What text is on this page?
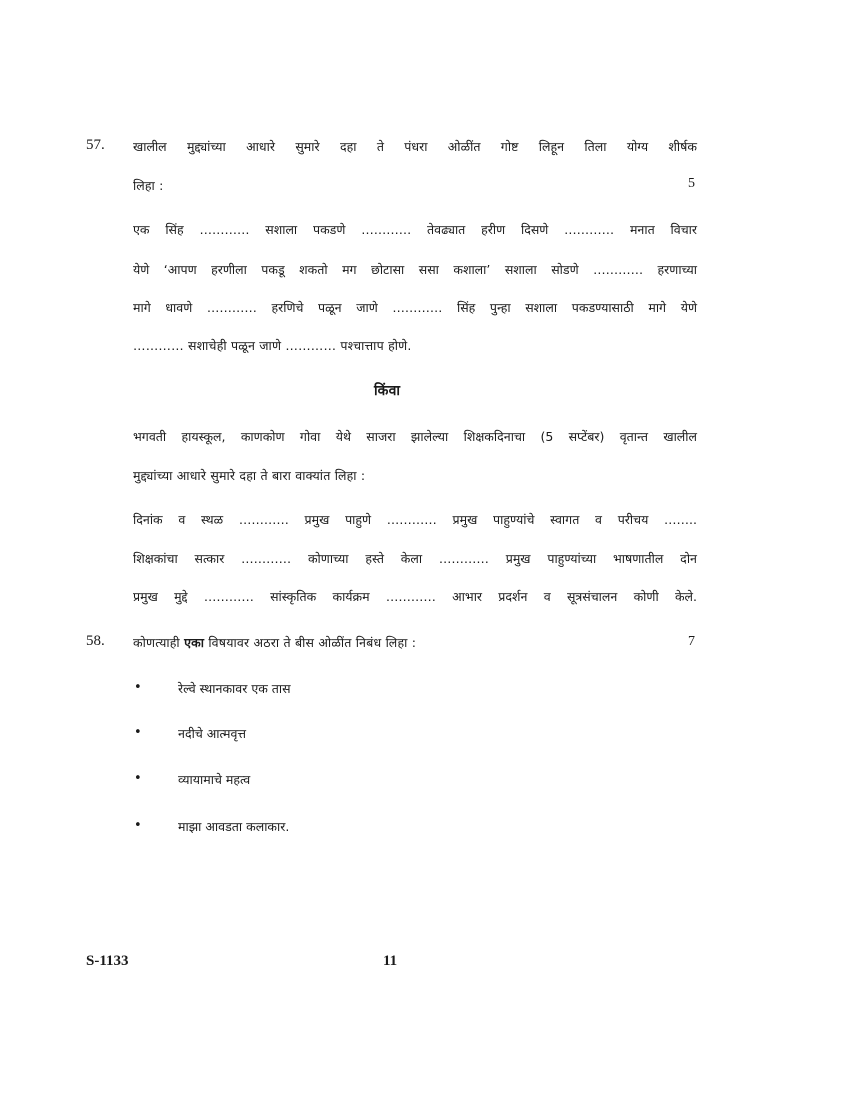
57. खालील मुद्द्यांच्या आधारे सुमारे दहा ते पंधरा ओळींत गोष्ट लिहून तिला योग्य शीर्षक
लिहा :	5
एक सिंह ………… सशाला पकडणे ………… तेवढ्यात हरीण दिसणे ………… मनात विचार
येणे ‘आपण हरणीला पकडू शकतो मग छोटासा ससा कशाला’ सशाला सोडणे ………… हरणाच्या
मागे धावणे ………… हरणिचे पळून जाणे ………… सिंह पुन्हा सशाला पकडण्यासाठी मागे येणे
………… सशाचेही पळून जाणे ………… पश्चात्ताप होणे.
किंवा
भगवती हायस्कूल, काणकोण गोवा येथे साजरा झालेल्या शिक्षकदिनाचा (5 सप्टेंबर) वृतान्त खालील
मुद्द्यांच्या आधारे सुमारे दहा ते बारा वाक्यांत लिहा :
दिनांक व स्थळ ………… प्रमुख पाहुणे ………… प्रमुख पाहुण्यांचे स्वागत व परीचय ……..
शिक्षकांचा सत्कार ………… कोणाच्या हस्ते केला ………… प्रमुख पाहुण्यांच्या भाषणातील दोन
प्रमुख मुद्दे ………… सांस्कृतिक कार्यक्रम ………… आभार प्रदर्शन व सूत्रसंचालन कोणी केले.
58. कोणत्याही एका विषयावर अठरा ते बीस ओळींत निबंध लिहा :	7
•	रेल्वे स्थानकावर एक तास
•	नदीचे आत्मवृत्त
•	व्यायामाचे महत्व
•	माझा आवडता कलाकार.
S-1133	11
